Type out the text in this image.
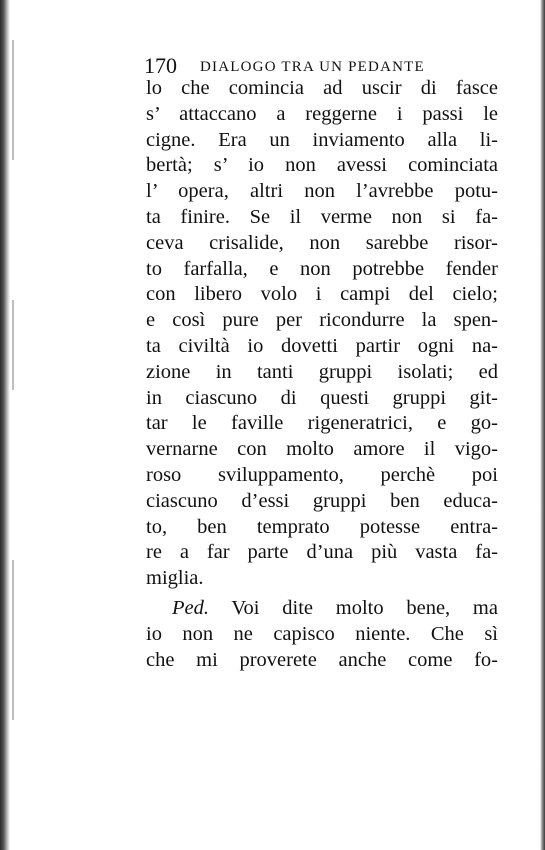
170 DIALOGO TRA UN PEDANTE
lo che comincia ad uscir di fasce
s’ attaccano a reggerne i passi le
cigne. Era un inviamento alla li-
bertà; s’ io non avessi cominciata
l’ opera, altri non l’avrebbe potu-
ta finire. Se il verme non si fa-
ceva crisalide, non sarebbe risor-
to farfalla, e non potrebbe fender
con libero volo i campi del cielo;
e così pure per ricondurre la spen-
ta civiltà io dovetti partir ogni na-
zione in tanti gruppi isolati; ed
in ciascuno di questi gruppi git-
tar le faville rigeneratrici, e go-
vernarne con molto amore il vigo-
roso sviluppamento, perchè poi
ciascuno d’essi gruppi ben educa-
to, ben temprato potesse entra-
re a far parte d’una più vasta fa-
miglia.
Ped. Voi dite molto bene, ma
io non ne capisco niente. Che sì
che mi proverete anche come fo-
